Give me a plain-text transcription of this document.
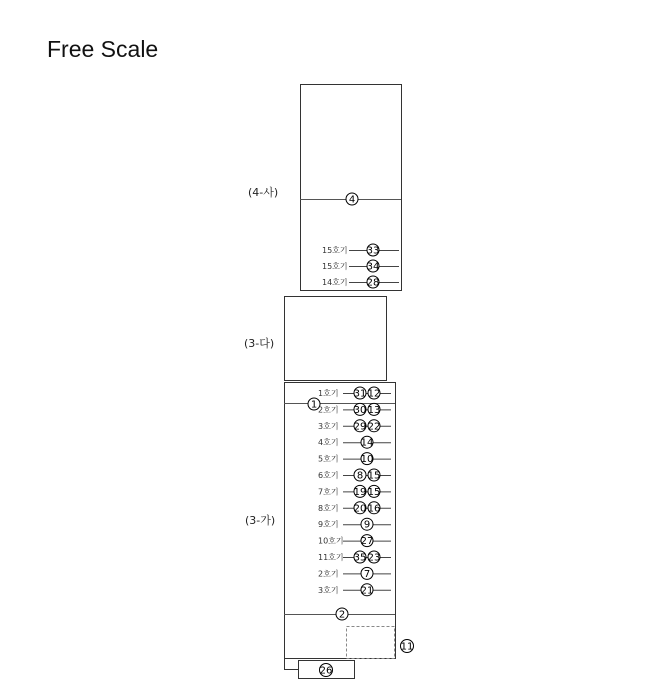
Free Scale
(4-사)
4
(3-다)
(3-가)
1
2
11
26
15호기 33
15호기 34
14호기 28
1호기 31 12
2호기 30 13
3호기 29 22
4호기 14
5호기 10
6호기 8 15
7호기 19 15
8호기 20 16
9호기	9
10호기 27
11호기 35 23
2호기	7
3호기 21
